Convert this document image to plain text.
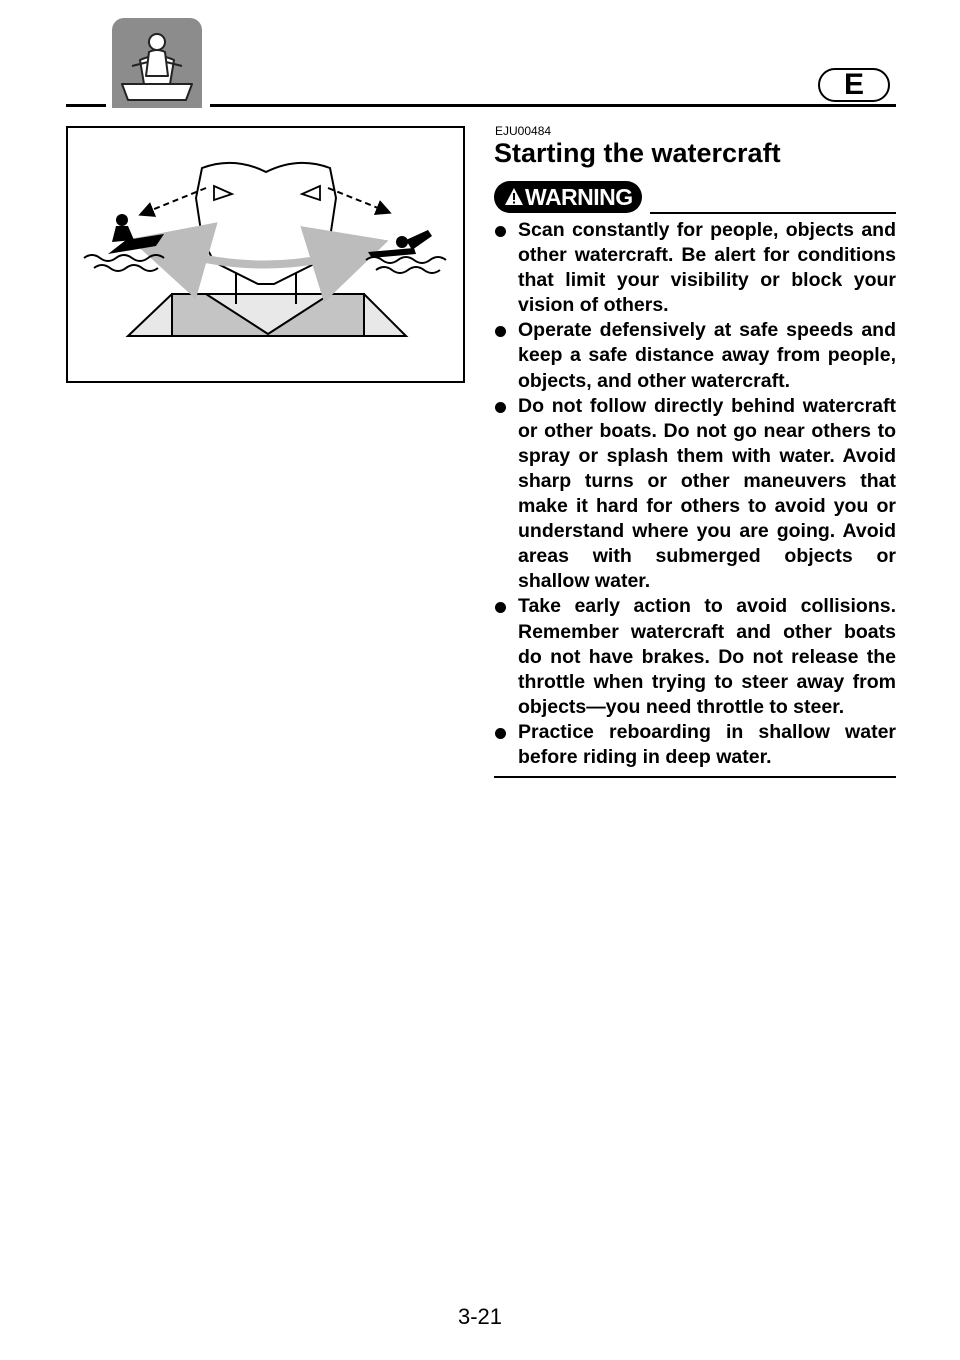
E
EJU00484
Starting the watercraft
WARNING
Scan constantly for people, objects and other watercraft. Be alert for conditions that limit your visibility or block your vision of others.
Operate defensively at safe speeds and keep a safe distance away from people, objects, and other watercraft.
Do not follow directly behind watercraft or other boats. Do not go near others to spray or splash them with water. Avoid sharp turns or other maneuvers that make it hard for others to avoid you or understand where you are going. Avoid areas with submerged objects or shallow water.
Take early action to avoid collisions. Remember watercraft and other boats do not have brakes. Do not release the throttle when trying to steer away from objects—you need throttle to steer.
Practice reboarding in shallow water before riding in deep water.
3-21
